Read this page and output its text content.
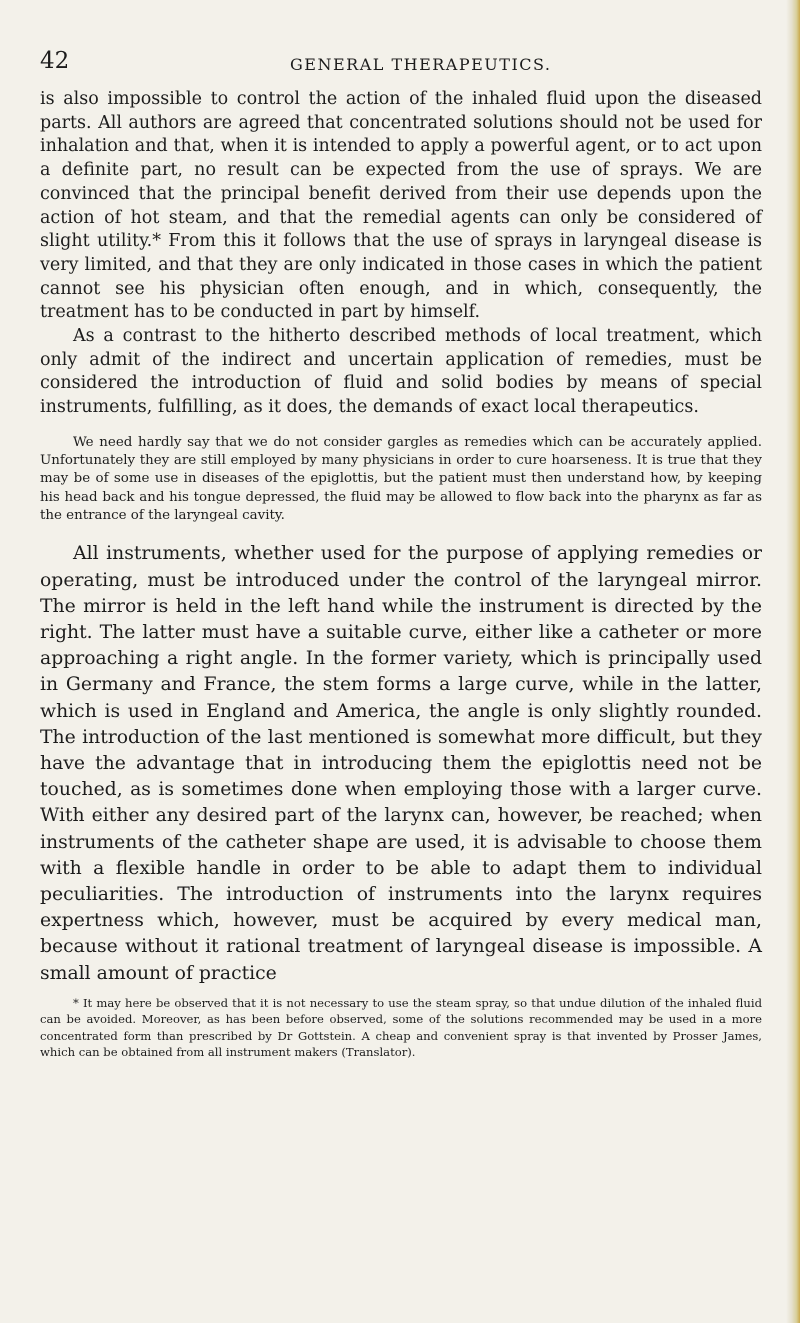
42	GENERAL THERAPEUTICS.

is also impossible to control the action of the inhaled fluid upon the diseased parts. All authors are agreed that concentrated solutions should not be used for inhalation and that, when it is intended to apply a powerful agent, or to act upon a definite part, no result can be expected from the use of sprays. We are convinced that the principal benefit derived from their use depends upon the action of hot steam, and that the remedial agents can only be considered of slight utility.* From this it follows that the use of sprays in laryngeal disease is very limited, and that they are only indicated in those cases in which the patient cannot see his physician often enough, and in which, consequently, the treatment has to be conducted in part by himself.

As a contrast to the hitherto described methods of local treatment, which only admit of the indirect and uncertain application of remedies, must be considered the introduction of fluid and solid bodies by means of special instruments, fulfilling, as it does, the demands of exact local therapeutics.

We need hardly say that we do not consider gargles as remedies which can be accurately applied. Unfortunately they are still employed by many physicians in order to cure hoarseness. It is true that they may be of some use in diseases of the epiglottis, but the patient must then understand how, by keeping his head back and his tongue depressed, the fluid may be allowed to flow back into the pharynx as far as the entrance of the laryngeal cavity.

All instruments, whether used for the purpose of applying remedies or operating, must be introduced under the control of the laryngeal mirror. The mirror is held in the left hand while the instrument is directed by the right. The latter must have a suitable curve, either like a catheter or more approaching a right angle. In the former variety, which is principally used in Germany and France, the stem forms a large curve, while in the latter, which is used in England and America, the angle is only slightly rounded. The introduction of the last mentioned is somewhat more difficult, but they have the advantage that in introducing them the epiglottis need not be touched, as is sometimes done when employing those with a larger curve. With either any desired part of the larynx can, however, be reached; when instruments of the catheter shape are used, it is advisable to choose them with a flexible handle in order to be able to adapt them to individual peculiarities. The introduction of instruments into the larynx requires expertness which, however, must be acquired by every medical man, because without it rational treatment of laryngeal disease is impossible. A small amount of practice

* It may here be observed that it is not necessary to use the steam spray, so that undue dilution of the inhaled fluid can be avoided. Moreover, as has been before observed, some of the solutions recommended may be used in a more concentrated form than prescribed by Dr Gottstein. A cheap and convenient spray is that invented by Prosser James, which can be obtained from all instrument makers (Translator).
